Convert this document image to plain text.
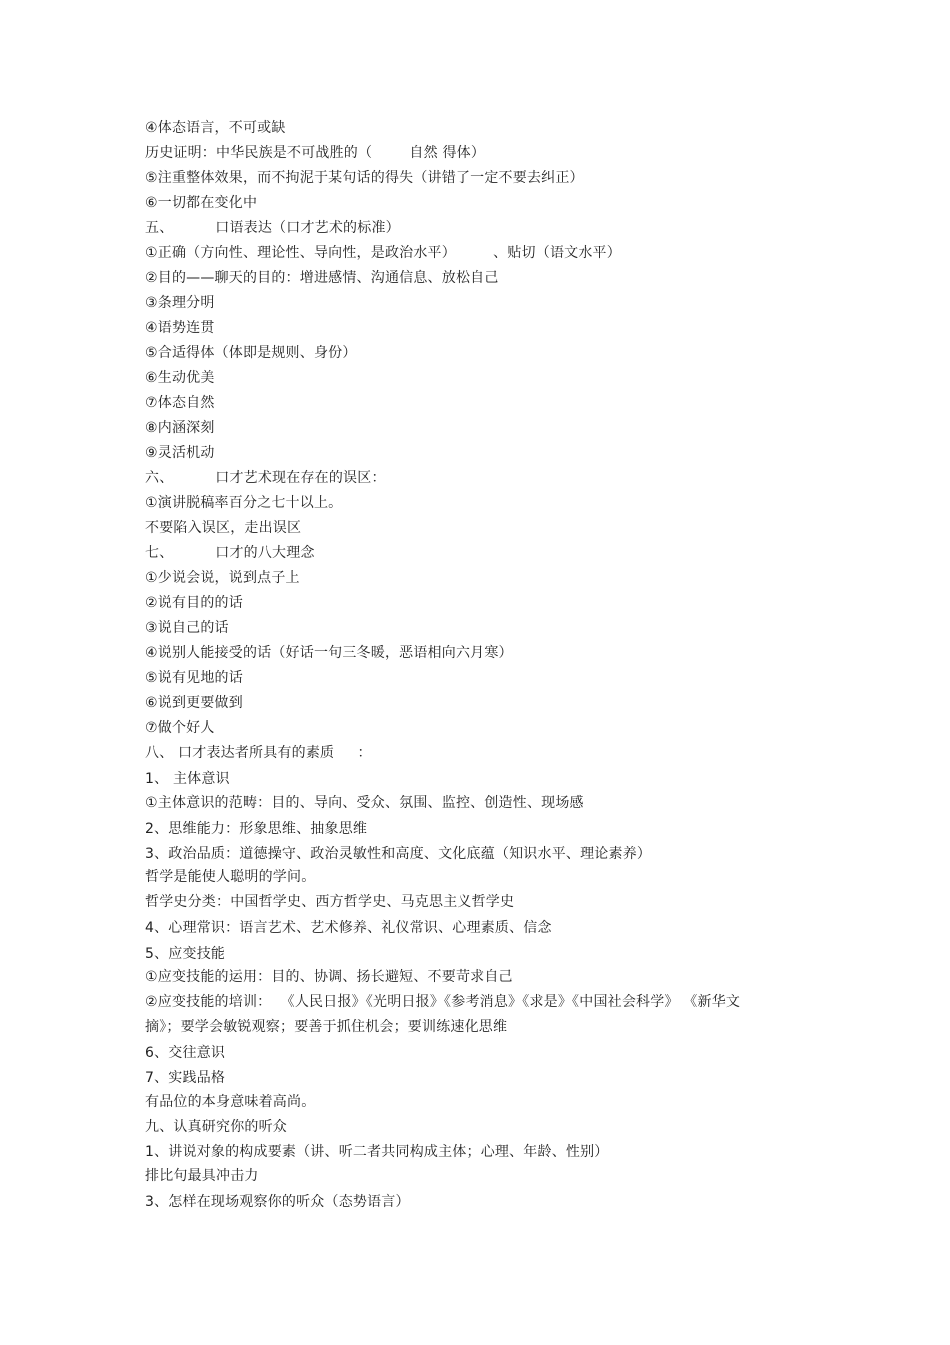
④体态语言，不可或缺
历史证明：中华民族是不可战胜的（        自然 得体）
⑤注重整体效果，而不拘泥于某句话的得失（讲错了一定不要去纠正）
⑥一切都在变化中
五、         口语表达（口才艺术的标准）
①正确（方向性、理论性、导向性，是政治水平）        、贴切（语文水平）
②目的——聊天的目的：增进感情、沟通信息、放松自己
③条理分明
④语势连贯
⑤合适得体（体即是规则、身份）
⑥生动优美
⑦体态自然
⑧内涵深刻
⑨灵活机动
六、         口才艺术现在存在的误区：
①演讲脱稿率百分之七十以上。
不要陷入误区，走出误区
七、         口才的八大理念
①少说会说，说到点子上
②说有目的的话
③说自己的话
④说别人能接受的话（好话一句三冬暖，恶语相向六月寒）
⑤说有见地的话
⑥说到更要做到
⑦做个好人
八、 口才表达者所具有的素质     ：
1、 主体意识
①主体意识的范畴：目的、导向、受众、氛围、监控、创造性、现场感
2、思维能力：形象思维、抽象思维
3、政治品质：道德操守、政治灵敏性和高度、文化底蕴（知识水平、理论素养）
哲学是能使人聪明的学问。
哲学史分类：中国哲学史、西方哲学史、马克思主义哲学史
4、心理常识：语言艺术、艺术修养、礼仪常识、心理素质、信念
5、应变技能
①应变技能的运用：目的、协调、扬长避短、不要苛求自己
②应变技能的培训：  《人民日报》《光明日报》《参考消息》《求是》《中国社会科学》 《新华文
摘》；要学会敏锐观察；要善于抓住机会；要训练速化思维
6、交往意识
7、实践品格
有品位的本身意味着高尚。
九、认真研究你的听众
1、讲说对象的构成要素（讲、听二者共同构成主体；心理、年龄、性别）
排比句最具冲击力
3、怎样在现场观察你的听众（态势语言）
